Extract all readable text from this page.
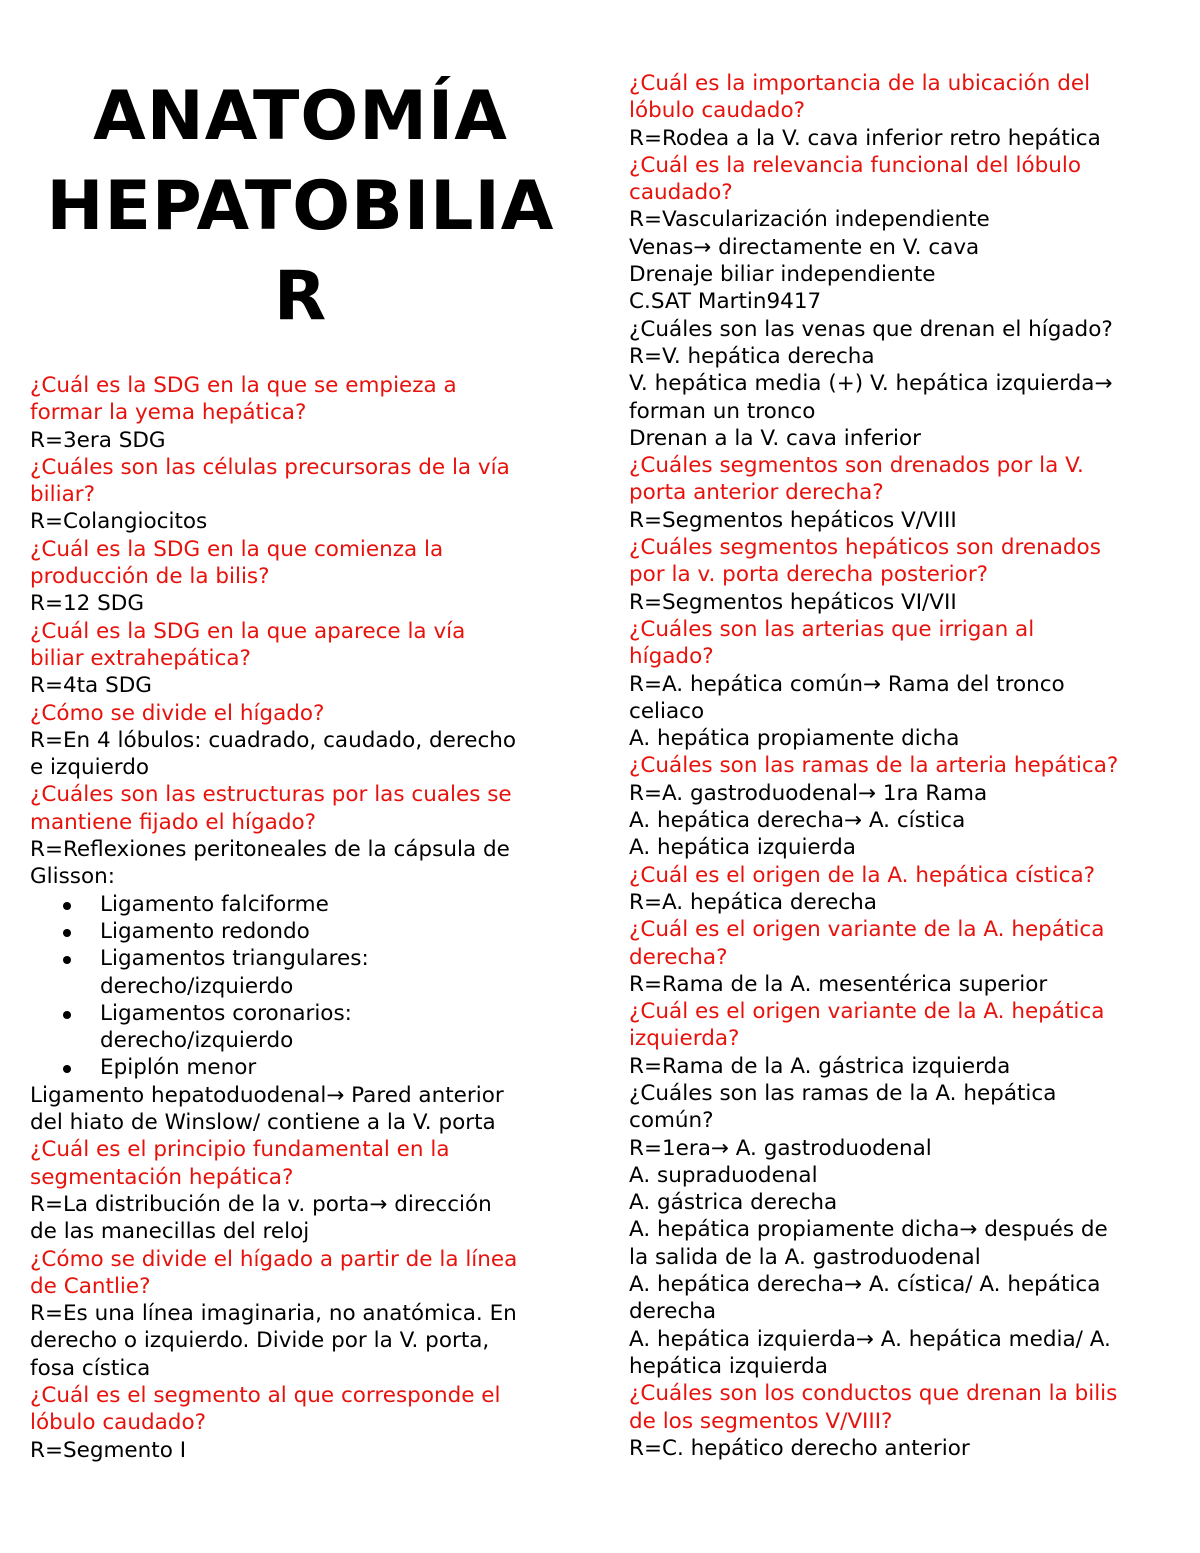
ANATOMÍA
HEPATOBILIA
R
¿Cuál es la SDG en la que se empieza a
formar la yema hepática?
R=3era SDG
¿Cuáles son las células precursoras de la vía
biliar?
R=Colangiocitos
¿Cuál es la SDG en la que comienza la
producción de la bilis?
R=12 SDG
¿Cuál es la SDG en la que aparece la vía
biliar extrahepática?
R=4ta SDG
¿Cómo se divide el hígado?
R=En 4 lóbulos: cuadrado, caudado, derecho
e izquierdo
¿Cuáles son las estructuras por las cuales se
mantiene fijado el hígado?
R=Reflexiones peritoneales de la cápsula de
Glisson:
Ligamento falciforme
Ligamento redondo
Ligamentos triangulares:
derecho/izquierdo
Ligamentos coronarios:
derecho/izquierdo
Epiplón menor
Ligamento hepatoduodenal→ Pared anterior
del hiato de Winslow/ contiene a la V. porta
¿Cuál es el principio fundamental en la
segmentación hepática?
R=La distribución de la v. porta→ dirección
de las manecillas del reloj
¿Cómo se divide el hígado a partir de la línea
de Cantlie?
R=Es una línea imaginaria, no anatómica. En
derecho o izquierdo. Divide por la V. porta,
fosa cística
¿Cuál es el segmento al que corresponde el
lóbulo caudado?
R=Segmento I
¿Cuál es la importancia de la ubicación del
lóbulo caudado?
R=Rodea a la V. cava inferior retro hepática
¿Cuál es la relevancia funcional del lóbulo
caudado?
R=Vascularización independiente
Venas→ directamente en V. cava
Drenaje biliar independiente
C.SAT Martin9417
¿Cuáles son las venas que drenan el hígado?
R=V. hepática derecha
V. hepática media (+) V. hepática izquierda→
forman un tronco
Drenan a la V. cava inferior
¿Cuáles segmentos son drenados por la V.
porta anterior derecha?
R=Segmentos hepáticos V/VIII
¿Cuáles segmentos hepáticos son drenados
por la v. porta derecha posterior?
R=Segmentos hepáticos VI/VII
¿Cuáles son las arterias que irrigan al
hígado?
R=A. hepática común→ Rama del tronco
celiaco
A. hepática propiamente dicha
¿Cuáles son las ramas de la arteria hepática?
R=A. gastroduodenal→ 1ra Rama
A. hepática derecha→ A. cística
A. hepática izquierda
¿Cuál es el origen de la A. hepática cística?
R=A. hepática derecha
¿Cuál es el origen variante de la A. hepática
derecha?
R=Rama de la A. mesentérica superior
¿Cuál es el origen variante de la A. hepática
izquierda?
R=Rama de la A. gástrica izquierda
¿Cuáles son las ramas de la A. hepática
común?
R=1era→ A. gastroduodenal
A. supraduodenal
A. gástrica derecha
A. hepática propiamente dicha→ después de
la salida de la A. gastroduodenal
A. hepática derecha→ A. cística/ A. hepática
derecha
A. hepática izquierda→ A. hepática media/ A.
hepática izquierda
¿Cuáles son los conductos que drenan la bilis
de los segmentos V/VIII?
R=C. hepático derecho anterior
